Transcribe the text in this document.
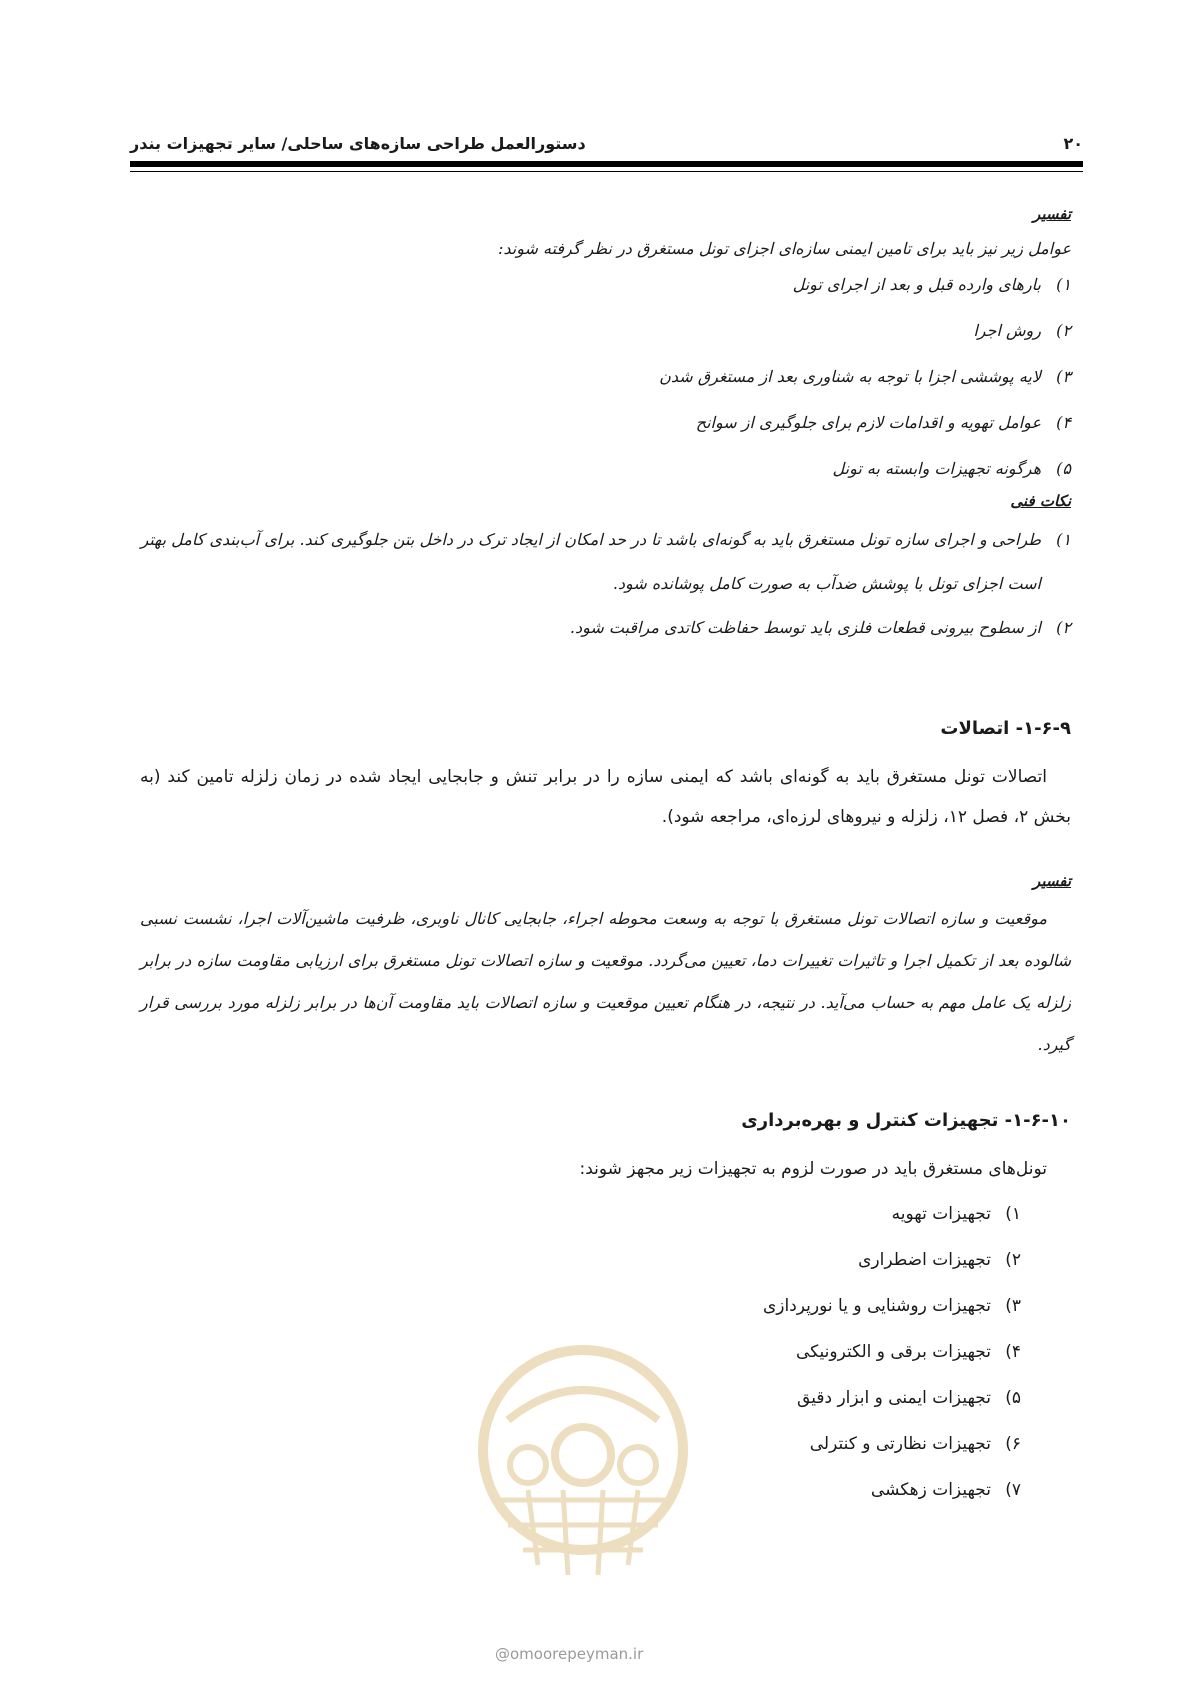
۲۰
دستورالعمل طراحی سازه‌های ساحلی/ سایر تجهیزات بندر
تفسیر
عوامل زیر نیز باید برای تامین ایمنی سازه‌ای اجزای تونل مستغرق در نظر گرفته شوند:
۱)
بارهای وارده قبل و بعد از اجرای تونل
۲)
روش اجرا
۳)
لایه پوششی اجزا با توجه به شناوری بعد از مستغرق شدن
۴)
عوامل تهویه و اقدامات لازم برای جلوگیری از سوانح
۵)
هرگونه تجهیزات وابسته به تونل
نکات فنی
۱)
طراحی و اجرای سازه تونل مستغرق باید به گونه‌ای باشد تا در حد امکان از ایجاد ترک در داخل بتن جلوگیری کند. برای آب‌بندی کامل بهتر است اجزای تونل با پوشش ضدآب به صورت کامل پوشانده شود.
۲)
از سطوح بیرونی قطعات فلزی باید توسط حفاظت کاتدی مراقبت شود.
۱-۶-۹- اتصالات
اتصالات تونل مستغرق باید به گونه‌ای باشد که ایمنی سازه را در برابر تنش و جابجایی ایجاد شده در زمان زلزله تامین کند (به بخش ۲، فصل ۱۲، زلزله و نیروهای لرزه‌ای، مراجعه شود).
تفسیر
موقعیت و سازه اتصالات تونل مستغرق با توجه به وسعت محوطه اجراء، جابجایی کانال ناوبری، ظرفیت ماشین‌آلات اجرا، نشست نسبی شالوده بعد از تکمیل اجرا و تاثیرات تغییرات دما، تعیین می‌گردد. موقعیت و سازه اتصالات تونل مستغرق برای ارزیابی مقاومت سازه در برابر زلزله یک عامل مهم به حساب می‌آید. در نتیجه، در هنگام تعیین موقعیت و سازه اتصالات باید مقاومت آن‌ها در برابر زلزله مورد بررسی قرار گیرد.
۱-۶-۱۰- تجهیزات کنترل و بهره‌برداری
تونل‌های مستغرق باید در صورت لزوم به تجهیزات زیر مجهز شوند:
۱)
تجهیزات تهویه
۲)
تجهیزات اضطراری
۳)
تجهیزات روشنایی و یا نورپردازی
۴)
تجهیزات برقی و الکترونیکی
۵)
تجهیزات ایمنی و ابزار دقیق
۶)
تجهیزات نظارتی و کنترلی
۷)
تجهیزات زهکشی
@omoorepeyman.ir
